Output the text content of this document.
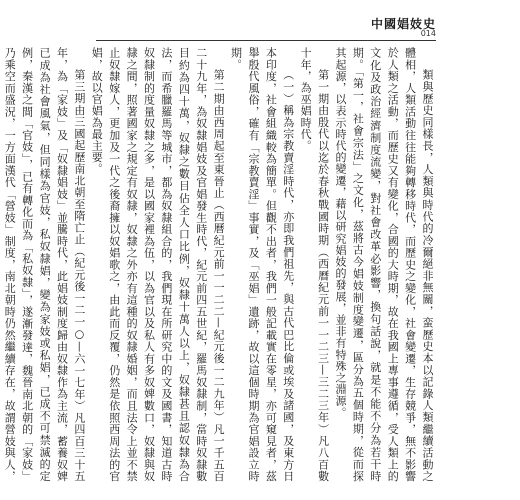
中國娼妓史
014

類與歷史同樣長，人類與時代的冷爾絕非無關，蛮歷史本以記錄人類繼續活動之體相，人類活動往往能夠轉移時代，而歷史之變化，社會變遷，生存競爭，無不影響於人類之活動，而歷史又有變化，合國的大時期，故在我國上專事遵循，受人類上的文化及政治經濟制度流變，對社會改革必影響，換句話說，就是不能不分為若干時期。「第一，社會宗法」之文化，茲將古今娼妓制度變遷，區分為五個時期，從而探其起源，以表示時代的變遷，藉以研究娼妓的發展，並非有特殊之淵源。

第一期由殷代以迄於春秋戰國時期（西曆紀元前一一二三—三二三年）凡八百數十年，為巫娼時代。

（一）稱為宗教賣淫時代，亦即我們祖先，與古代巴比倫或埃及諸國，及東方日本印度，社會組織較為簡單。但觀不出者，我們一般記載實在零星，亦可窺見者，茲舉殷代風俗，確有「宗教賣淫」事實，及「巫娼」遺跡，故以這個時期為官娼設立時期。

第二期由西周起至東晉止（西曆紀元前一一二二—紀元後一二九年）凡一千五百二十九年，為奴隸娼妓及官娼發生時代，紀元前四五世紀，羅馬奴隸制，當時奴隸數目約為四十萬，奴隸之數目佔全人口比例，奴隸十萬人以上，奴隸甚且認奴隸為合法，而希臘羅馬等城市，都為奴隸組合的，我們現在所研究中的文及國書，知道古時奴隸制的度量奴隸之多，是以國家裡為伍，以為官以及私人有多奴婢數口，奴隸與奴隸之間，照著國家之規定有奴隸，奴隸之外亦有這種的奴隸婚姻，而且法令上並不禁止奴隸嫁人，更加及一代之後裔擁以奴娼歌之，由此而反覆，仍然是依照西周法的官娼，故以官娼為最主要。

第三期由三國起歷南北朝至隋亡止（紀元後一二一○—六一七年）凡四百三十五年，為「家妓」及「奴隸娼妓」並騰時代，此娼妓制度歸由奴隸作為主流，蓄養奴婢已成為社會風氣，但同樣為官妓，私奴隸娼，變為家妓或私娼，已成不可禁滅的定例，秦漢之間「官妓」，已有轉化而為「私奴隸」，遂漸發達，魏晉南北朝的「家妓」乃乘空而盛況，一方面漢代「營妓」制度，南北朝時仍然繼續存在，故謂營妓與人，
